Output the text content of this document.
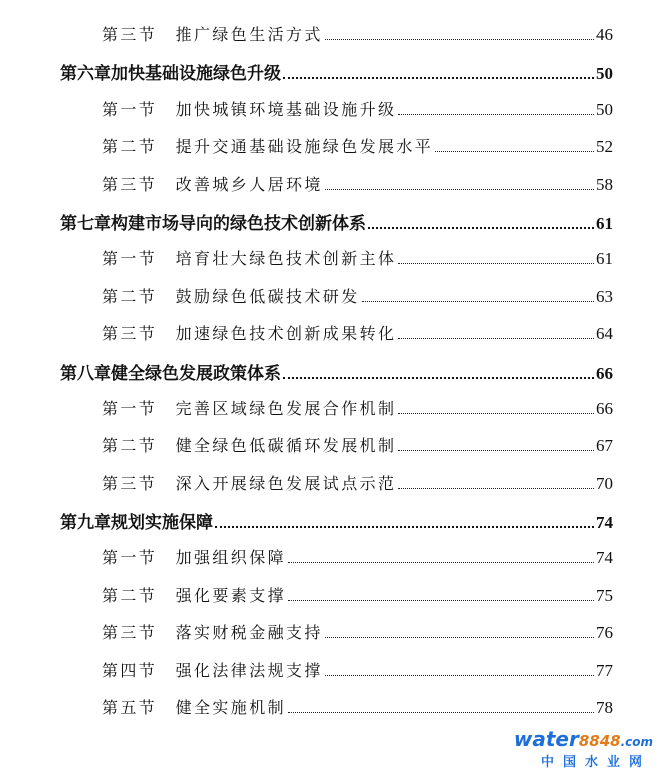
第三节	推广绿色生活方式	46
第六章 加快基础设施绿色升级	50
第一节	加快城镇环境基础设施升级	50
第二节	提升交通基础设施绿色发展水平	52
第三节	改善城乡人居环境	58
第七章 构建市场导向的绿色技术创新体系	61
第一节	培育壮大绿色技术创新主体	61
第二节	鼓励绿色低碳技术研发	63
第三节	加速绿色技术创新成果转化	64
第八章 健全绿色发展政策体系	66
第一节	完善区域绿色发展合作机制	66
第二节	健全绿色低碳循环发展机制	67
第三节	深入开展绿色发展试点示范	70
第九章 规划实施保障	74
第一节	加强组织保障	74
第二节	强化要素支撑	75
第三节	落实财税金融支持	76
第四节	强化法律法规支撑	77
第五节	健全实施机制	78
water8848.com
中国水业网
